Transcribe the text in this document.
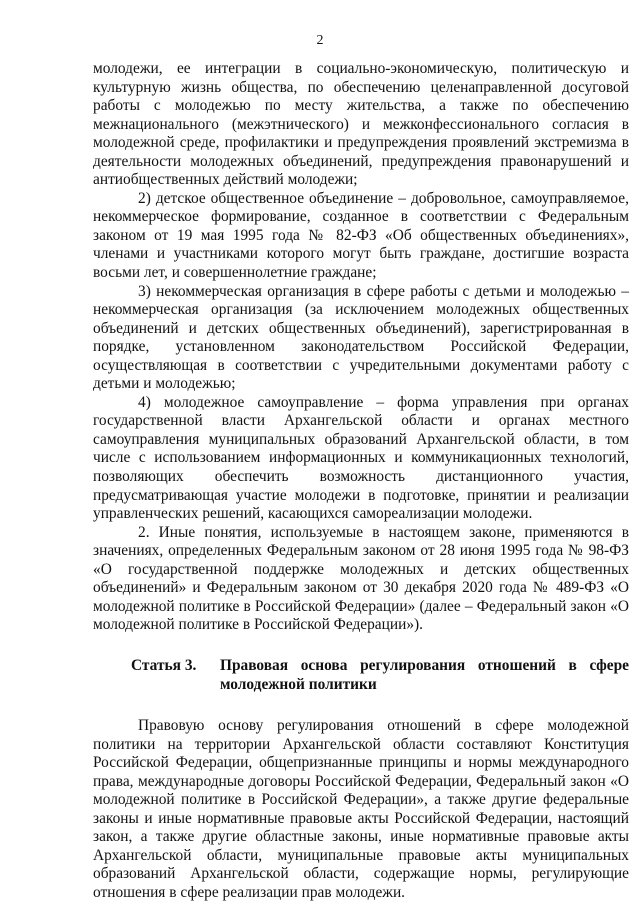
2

молодежи, ее интеграции в социально-экономическую, политическую и культурную жизнь общества, по обеспечению целенаправленной досуговой работы с молодежью по месту жительства, а также по обеспечению межнационального (межэтнического) и межконфессионального согласия в молодежной среде, профилактики и предупреждения проявлений экстремизма в деятельности молодежных объединений, предупреждения правонарушений и антиобщественных действий молодежи;

2) детское общественное объединение – добровольное, самоуправляемое, некоммерческое формирование, созданное в соответствии с Федеральным законом от 19 мая 1995 года № 82-ФЗ «Об общественных объединениях», членами и участниками которого могут быть граждане, достигшие возраста восьми лет, и совершеннолетние граждане;

3) некоммерческая организация в сфере работы с детьми и молодежью – некоммерческая организация (за исключением молодежных общественных объединений и детских общественных объединений), зарегистрированная в порядке, установленном законодательством Российской Федерации, осуществляющая в соответствии с учредительными документами работу с детьми и молодежью;

4) молодежное самоуправление – форма управления при органах государственной власти Архангельской области и органах местного самоуправления муниципальных образований Архангельской области, в том числе с использованием информационных и коммуникационных технологий, позволяющих обеспечить возможность дистанционного участия, предусматривающая участие молодежи в подготовке, принятии и реализации управленческих решений, касающихся самореализации молодежи.

2. Иные понятия, используемые в настоящем законе, применяются в значениях, определенных Федеральным законом от 28 июня 1995 года № 98-ФЗ «О государственной поддержке молодежных и детских общественных объединений» и Федеральным законом от 30 декабря 2020 года № 489-ФЗ «О молодежной политике в Российской Федерации» (далее – Федеральный закон «О молодежной политике в Российской Федерации»).

Статья 3.	Правовая основа регулирования отношений в сфере молодежной политики

Правовую основу регулирования отношений в сфере молодежной политики на территории Архангельской области составляют Конституция Российской Федерации, общепризнанные принципы и нормы международного права, международные договоры Российской Федерации, Федеральный закон «О молодежной политике в Российской Федерации», а также другие федеральные законы и иные нормативные правовые акты Российской Федерации, настоящий закон, а также другие областные законы, иные нормативные правовые акты Архангельской области, муниципальные правовые акты муниципальных образований Архангельской области, содержащие нормы, регулирующие отношения в сфере реализации прав молодежи.
